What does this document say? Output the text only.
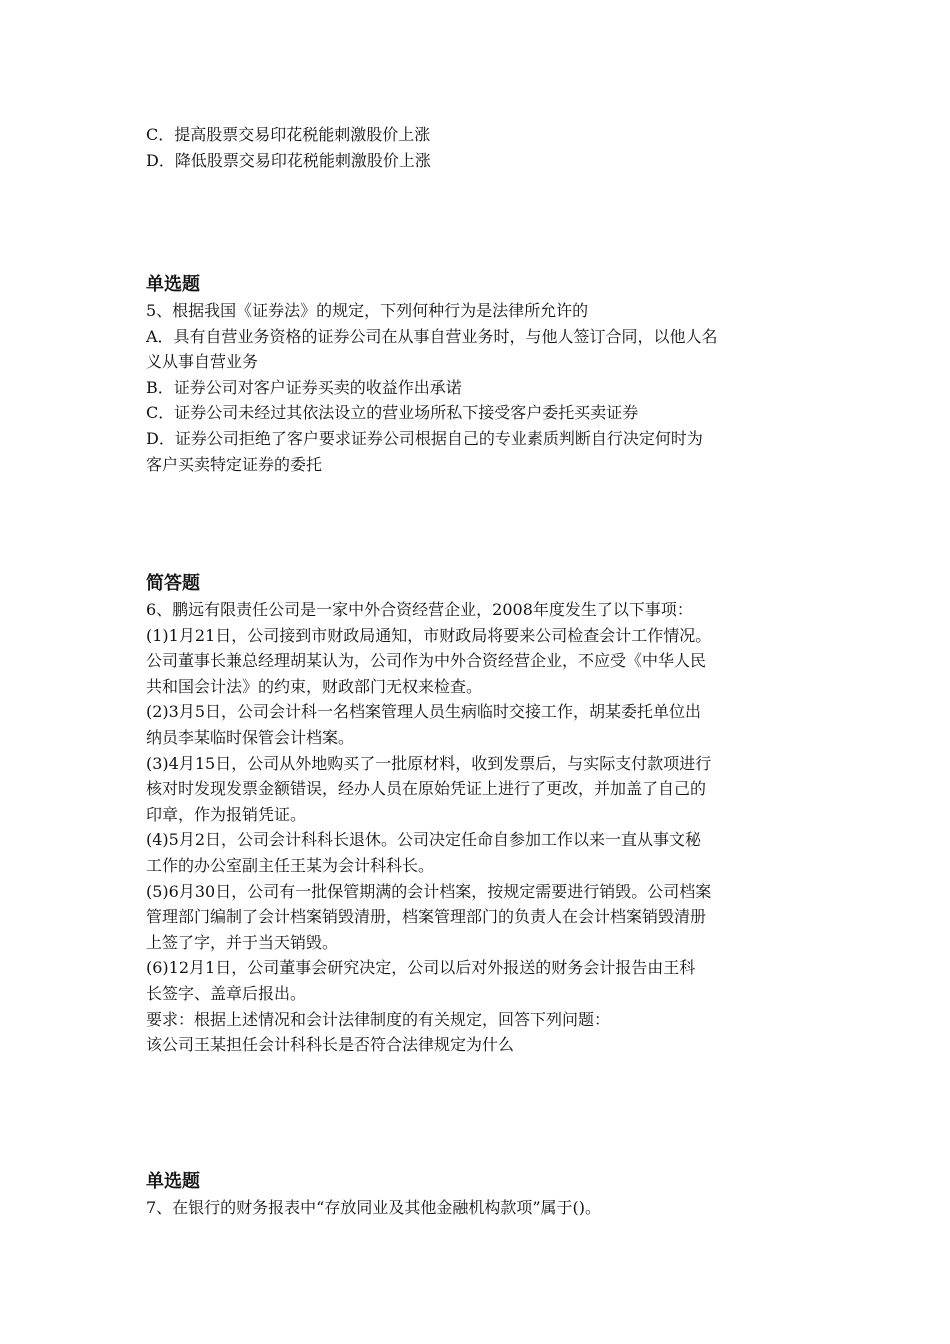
C．提高股票交易印花税能刺激股价上涨

D．降低股票交易印花税能刺激股价上涨

单选题

5、根据我国《证券法》的规定，下列何种行为是法律所允许的

A．具有自营业务资格的证券公司在从事自营业务时，与他人签订合同，以他人名

义从事自营业务

B．证券公司对客户证券买卖的收益作出承诺

C．证券公司未经过其依法设立的营业场所私下接受客户委托买卖证券

D．证券公司拒绝了客户要求证券公司根据自己的专业素质判断自行决定何时为

客户买卖特定证券的委托

简答题

6、鹏远有限责任公司是一家中外合资经营企业，2008年度发生了以下事项：

(1)1月21日，公司接到市财政局通知，市财政局将要来公司检查会计工作情况。

公司董事长兼总经理胡某认为，公司作为中外合资经营企业，不应受《中华人民

共和国会计法》的约束，财政部门无权来检查。

(2)3月5日，公司会计科一名档案管理人员生病临时交接工作，胡某委托单位出

纳员李某临时保管会计档案。

(3)4月15日，公司从外地购买了一批原材料，收到发票后，与实际支付款项进行

核对时发现发票金额错误，经办人员在原始凭证上进行了更改，并加盖了自己的

印章，作为报销凭证。

(4)5月2日，公司会计科科长退休。公司决定任命自参加工作以来一直从事文秘

工作的办公室副主任王某为会计科科长。

(5)6月30日，公司有一批保管期满的会计档案，按规定需要进行销毁。公司档案

管理部门编制了会计档案销毁清册，档案管理部门的负责人在会计档案销毁清册

上签了字，并于当天销毁。

(6)12月1日，公司董事会研究决定，公司以后对外报送的财务会计报告由王科

长签字、盖章后报出。

要求：根据上述情况和会计法律制度的有关规定，回答下列问题：

该公司王某担任会计科科长是否符合法律规定为什么

单选题

7、在银行的财务报表中“存放同业及其他金融机构款项”属于()。
